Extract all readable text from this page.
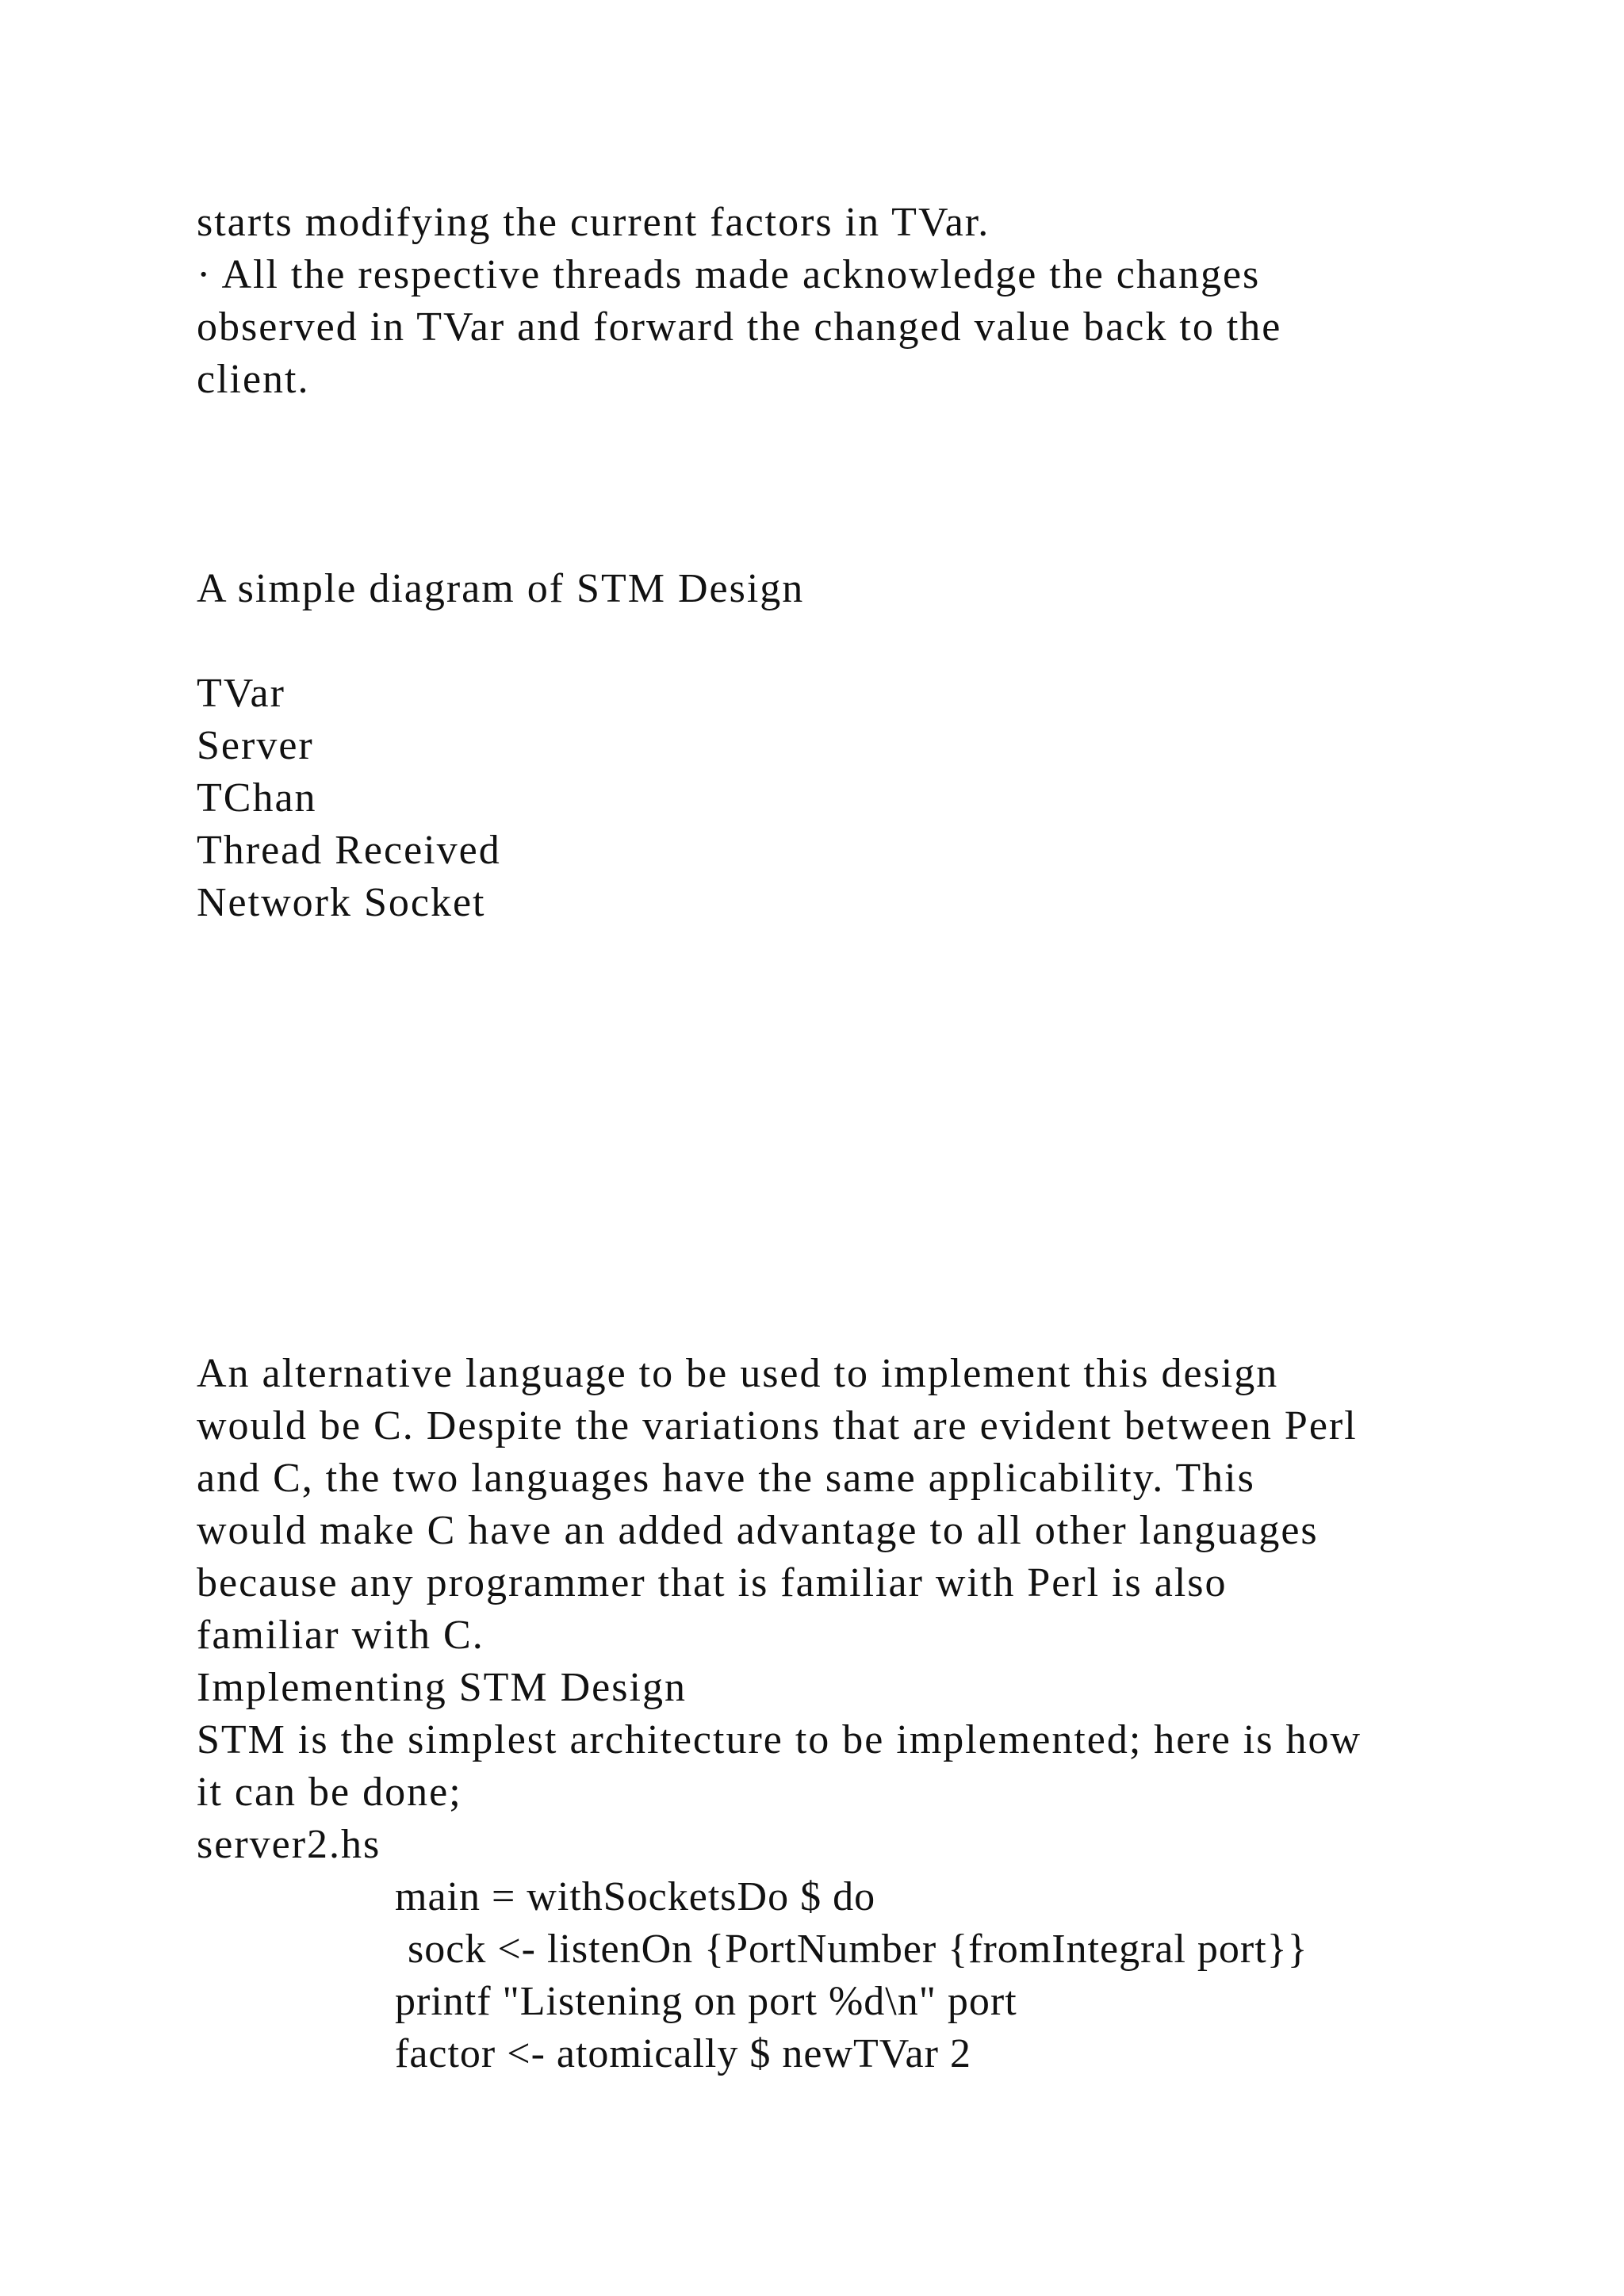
starts modifying the current factors in TVar.
· All the respective threads made acknowledge the changes
observed in TVar and forward the changed value back to the
client.
A simple diagram of STM Design
TVar
Server
TChan
Thread Received
Network Socket
An alternative language to be used to implement this design
would be C. Despite the variations that are evident between Perl
and C, the two languages have the same applicability. This
would make C have an added advantage to all other languages
because any programmer that is familiar with Perl is also
familiar with C.
Implementing STM Design
STM is the simplest architecture to be implemented; here is how
it can be done;
server2.hs
main = withSocketsDo $ do
sock <- listenOn {PortNumber {fromIntegral port}}
printf "Listening on port %d\n" port
factor <- atomically $ newTVar 2
